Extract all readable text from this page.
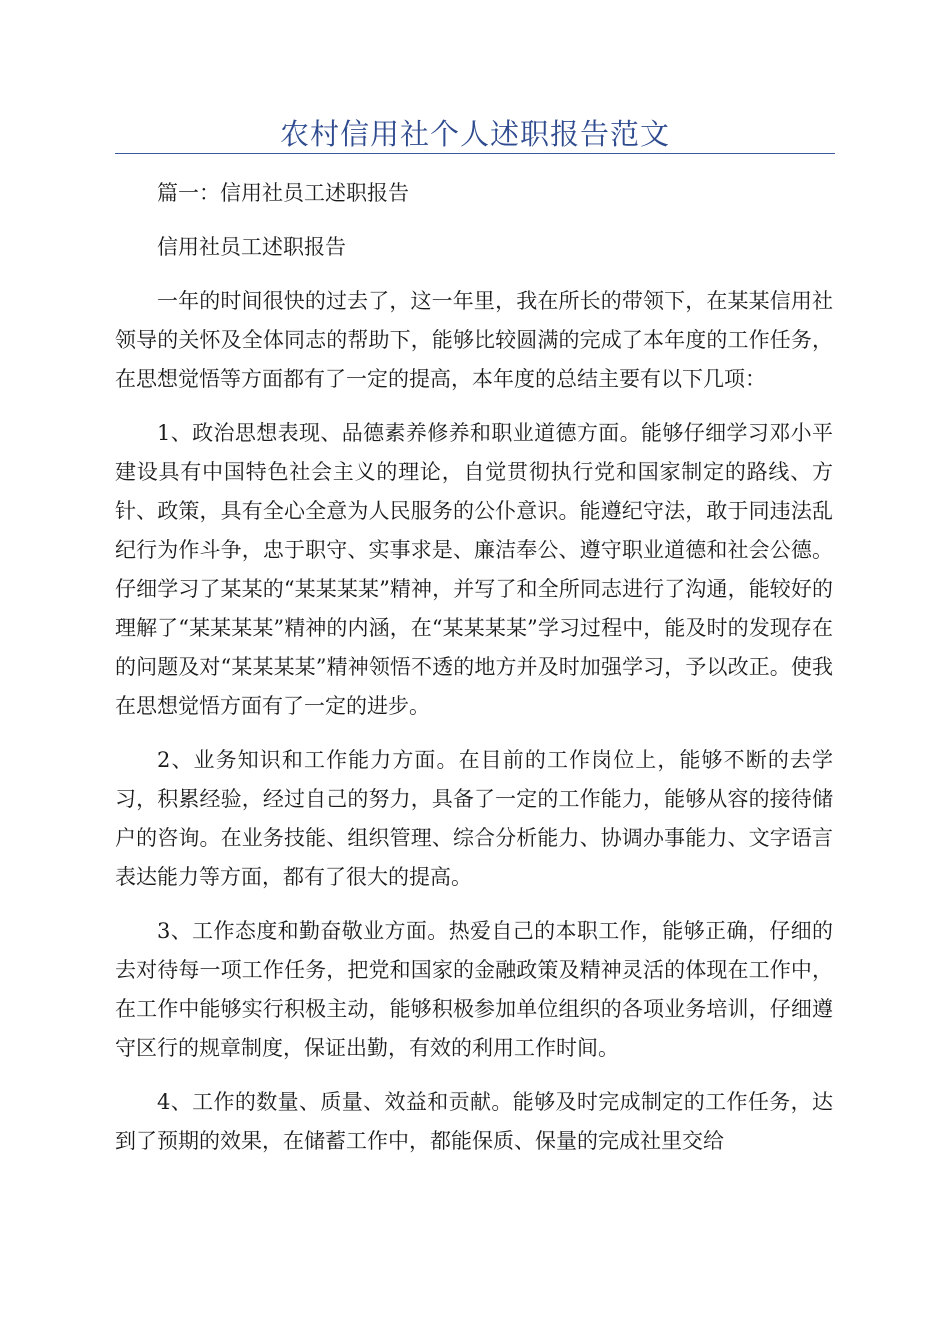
农村信用社个人述职报告范文

篇一：信用社员工述职报告

信用社员工述职报告

一年的时间很快的过去了，这一年里，我在所长的带领下，在某某信用社领导的关怀及全体同志的帮助下，能够比较圆满的完成了本年度的工作任务，在思想觉悟等方面都有了一定的提高，本年度的总结主要有以下几项：

1、政治思想表现、品德素养修养和职业道德方面。能够仔细学习邓小平建设具有中国特色社会主义的理论，自觉贯彻执行党和国家制定的路线、方针、政策，具有全心全意为人民服务的公仆意识。能遵纪守法，敢于同违法乱纪行为作斗争，忠于职守、实事求是、廉洁奉公、遵守职业道德和社会公德。仔细学习了某某的“某某某某”精神，并写了和全所同志进行了沟通，能较好的理解了“某某某某”精神的内涵，在“某某某某”学习过程中，能及时的发现存在的问题及对“某某某某”精神领悟不透的地方并及时加强学习，予以改正。使我在思想觉悟方面有了一定的进步。

2、业务知识和工作能力方面。在目前的工作岗位上，能够不断的去学习，积累经验，经过自己的努力，具备了一定的工作能力，能够从容的接待储户的咨询。在业务技能、组织管理、综合分析能力、协调办事能力、文字语言表达能力等方面，都有了很大的提高。

3、工作态度和勤奋敬业方面。热爱自己的本职工作，能够正确，仔细的去对待每一项工作任务，把党和国家的金融政策及精神灵活的体现在工作中，在工作中能够实行积极主动，能够积极参加单位组织的各项业务培训，仔细遵守区行的规章制度，保证出勤，有效的利用工作时间。

4、工作的数量、质量、效益和贡献。能够及时完成制定的工作任务，达到了预期的效果，在储蓄工作中，都能保质、保量的完成社里交给
